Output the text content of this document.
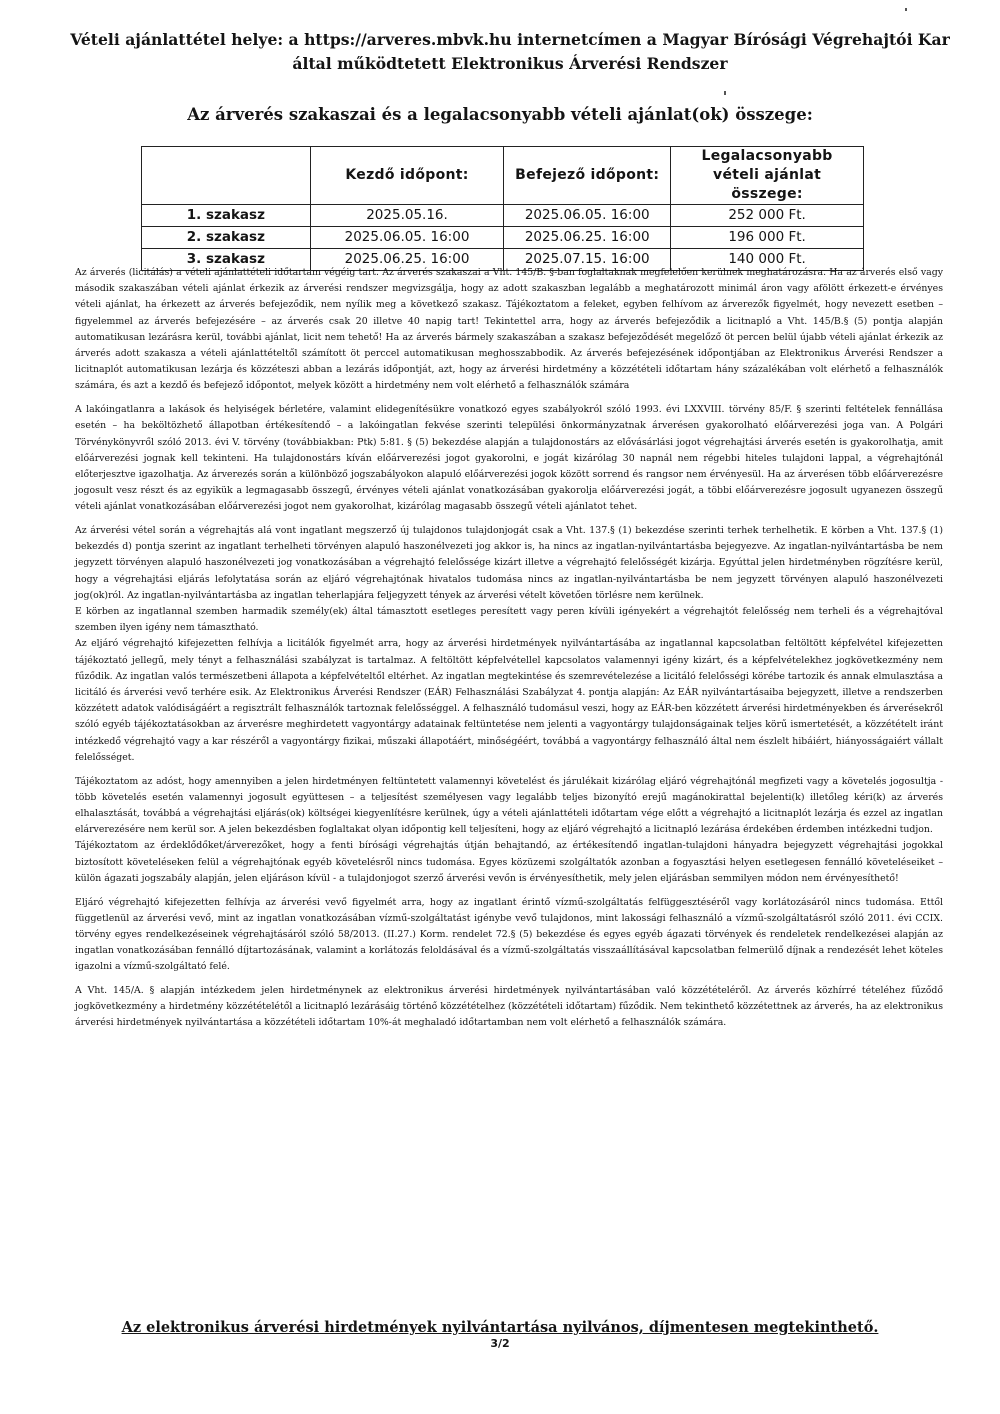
Vételi ajánlattétel helye: a https://arveres.mbvk.hu internetcímen a Magyar Bírósági Végrehajtói Kar által működtetett Elektronikus Árverési Rendszer
Az árverés szakaszai és a legalacsonyabb vételi ajánlat(ok) összege:
	Kezdő időpont:	Befejező időpont:	Legalacsonyabb vételi ajánlat összege:
1. szakasz	2025.05.16.	2025.06.05. 16:00	252 000 Ft.
2. szakasz	2025.06.05. 16:00	2025.06.25. 16:00	196 000 Ft.
3. szakasz	2025.06.25. 16:00	2025.07.15. 16:00	140 000 Ft.

Az árverés (licitálás) a vételi ajánlattételi időtartam végéig tart. Az árverés szakaszai a Vht. 145/B. §-ban foglaltaknak megfelelően kerülnek meghatározásra. Ha az árverés első vagy második szakaszában vételi ajánlat érkezik az árverési rendszer megvizsgálja, hogy az adott szakaszban legalább a meghatározott minimál áron vagy afölött érkezett-e érvényes vételi ajánlat, ha érkezett az árverés befejeződik, nem nyílik meg a következő szakasz. Tájékoztatom a feleket, egyben felhívom az árverezők figyelmét, hogy nevezett esetben – figyelemmel az árverés befejezésére – az árverés csak 20 illetve 40 napig tart! Tekintettel arra, hogy az árverés befejeződik a licitnapló a Vht. 145/B.§ (5) pontja alapján automatikusan lezárásra kerül, további ajánlat, licit nem tehető! Ha az árverés bármely szakaszában a szakasz befejeződését megelőző öt percen belül újabb vételi ajánlat érkezik az árverés adott szakasza a vételi ajánlattételtől számított öt perccel automatikusan meghosszabbodik. Az árverés befejezésének időpontjában az Elektronikus Árverési Rendszer a licitnaplót automatikusan lezárja és közzéteszi abban a lezárás időpontját, azt, hogy az árverési hirdetmény a közzétételi időtartam hány százalékában volt elérhető a felhasználók számára, és azt a kezdő és befejező időpontot, melyek között a hirdetmény nem volt elérhető a felhasználók számára

A lakóingatlanra a lakások és helyiségek bérletére, valamint elidegenítésükre vonatkozó egyes szabályokról szóló 1993. évi LXXVIII. törvény 85/F. § szerinti feltételek fennállása esetén – ha beköltözhető állapotban értékesítendő – a lakóingatlan fekvése szerinti települési önkormányzatnak árverésen gyakorolható előárverezési joga van. A Polgári Törvénykönyvről szóló 2013. évi V. törvény (továbbiakban: Ptk) 5:81. § (5) bekezdése alapján a tulajdonostárs az elővásárlási jogot végrehajtási árverés esetén is gyakorolhatja, amit előárverezési jognak kell tekinteni. Ha tulajdonostárs kíván előárverezési jogot gyakorolni, e jogát kizárólag 30 napnál nem régebbi hiteles tulajdoni lappal, a végrehajtónál előterjesztve igazolhatja. Az árverezés során a különböző jogszabályokon alapuló előárverezési jogok között sorrend és rangsor nem érvényesül. Ha az árverésen több előárverezésre jogosult vesz részt és az egyikük a legmagasabb összegű, érvényes vételi ajánlat vonatkozásában gyakorolja előárverezési jogát, a többi előárverezésre jogosult ugyanezen összegű vételi ajánlat vonatkozásában előárverezési jogot nem gyakorolhat, kizárólag magasabb összegű vételi ajánlatot tehet.

Az árverési vétel során a végrehajtás alá vont ingatlant megszerző új tulajdonos tulajdonjogát csak a Vht. 137.§ (1) bekezdése szerinti terhek terhelhetik. E körben a Vht. 137.§ (1) bekezdés d) pontja szerint az ingatlant terhelheti törvényen alapuló haszonélvezeti jog akkor is, ha nincs az ingatlan-nyilvántartásba bejegyezve. Az ingatlan-nyilvántartásba be nem jegyzett törvényen alapuló haszonélvezeti jog vonatkozásában a végrehajtó felelőssége kizárt illetve a végrehajtó felelősségét kizárja. Egyúttal jelen hirdetményben rögzítésre kerül, hogy a végrehajtási eljárás lefolytatása során az eljáró végrehajtónak hivatalos tudomása nincs az ingatlan-nyilvántartásba be nem jegyzett törvényen alapuló haszonélvezeti jog(ok)ról. Az ingatlan-nyilvántartásba az ingatlan teherlapjára feljegyzett tények az árverési vételt követően törlésre nem kerülnek.

E körben az ingatlannal szemben harmadik személy(ek) által támasztott esetleges peresített vagy peren kívüli igényekért a végrehajtót felelősség nem terheli és a végrehajtóval szemben ilyen igény nem támasztható.

Az eljáró végrehajtó kifejezetten felhívja a licitálók figyelmét arra, hogy az árverési hirdetmények nyilvántartásába az ingatlannal kapcsolatban feltöltött képfelvétel kifejezetten tájékoztató jellegű, mely tényt a felhasználási szabályzat is tartalmaz. A feltöltött képfelvétellel kapcsolatos valamennyi igény kizárt, és a képfelvételekhez jogkövetkezmény nem fűződik. Az ingatlan valós természetbeni állapota a képfelvételtől eltérhet. Az ingatlan megtekintése és szemrevételezése a licitáló felelősségi körébe tartozik és annak elmulasztása a licitáló és árverési vevő terhére esik. Az Elektronikus Árverési Rendszer (EÁR) Felhasználási Szabályzat 4. pontja alapján: Az EÁR nyilvántartásaiba bejegyzett, illetve a rendszerben közzétett adatok valódiságáért a regisztrált felhasználók tartoznak felelősséggel. A felhasználó tudomásul veszi, hogy az EÁR-ben közzétett árverési hirdetményekben és árverésekről szóló egyéb tájékoztatásokban az árverésre meghirdetett vagyontárgy adatainak feltüntetése nem jelenti a vagyontárgy tulajdonságainak teljes körű ismertetését, a közzétételt iránt intézkedő végrehajtó vagy a kar részéről a vagyontárgy fizikai, műszaki állapotáért, minőségéért, továbbá a vagyontárgy felhasználó által nem észlelt hibáiért, hiányosságaiért vállalt felelősséget.

Tájékoztatom az adóst, hogy amennyiben a jelen hirdetményen feltüntetett valamennyi követelést és járulékait kizárólag eljáró végrehajtónál megfizeti vagy a követelés jogosultja - több követelés esetén valamennyi jogosult együttesen – a teljesítést személyesen vagy legalább teljes bizonyító erejű magánokirattal bejelenti(k) illetőleg kéri(k) az árverés elhalasztását, továbbá a végrehajtási eljárás(ok) költségei kiegyenlítésre kerülnek, úgy a vételi ajánlattételi időtartam vége előtt a végrehajtó a licitnaplót lezárja és ezzel az ingatlan elárverezésére nem kerül sor. A jelen bekezdésben foglaltakat olyan időpontig kell teljesíteni, hogy az eljáró végrehajtó a licitnapló lezárása érdekében érdemben intézkedni tudjon.

Tájékoztatom az érdeklődőket/árverezőket, hogy a fenti bírósági végrehajtás útján behajtandó, az értékesítendő ingatlan-tulajdoni hányadra bejegyzett végrehajtási jogokkal biztosított követeléseken felül a végrehajtónak egyéb követelésről nincs tudomása. Egyes közüzemi szolgáltatók azonban a fogyasztási helyen esetlegesen fennálló követeléseiket – külön ágazati jogszabály alapján, jelen eljáráson kívül - a tulajdonjogot szerző árverési vevőn is érvényesíthetik, mely jelen eljárásban semmilyen módon nem érvényesíthető!

Eljáró végrehajtó kifejezetten felhívja az árverési vevő figyelmét arra, hogy az ingatlant érintő vízmű-szolgáltatás felfüggesztéséről vagy korlátozásáról nincs tudomása. Ettől függetlenül az árverési vevő, mint az ingatlan vonatkozásában vízmű-szolgáltatást igénybe vevő tulajdonos, mint lakossági felhasználó a vízmű-szolgáltatásról szóló 2011. évi CCIX. törvény egyes rendelkezéseinek végrehajtásáról szóló 58/2013. (II.27.) Korm. rendelet 72.§ (5) bekezdése és egyes egyéb ágazati törvények és rendeletek rendelkezései alapján az ingatlan vonatkozásában fennálló díjtartozásának, valamint a korlátozás feloldásával és a vízmű-szolgáltatás visszaállításával kapcsolatban felmerülő díjnak a rendezését lehet köteles igazolni a vízmű-szolgáltató felé.

A Vht. 145/A. § alapján intézkedem jelen hirdetménynek az elektronikus árverési hirdetmények nyilvántartásában való közzétételéről. Az árverés közhírré tételéhez fűződő jogkövetkezmény a hirdetmény közzétételétől a licitnapló lezárásáig történő közzétételhez (közzétételi időtartam) fűződik. Nem tekinthető közzétettnek az árverés, ha az elektronikus árverési hirdetmények nyilvántartása a közzétételi időtartam 10%-át meghaladó időtartamban nem volt elérhető a felhasználók számára.

Az elektronikus árverési hirdetmények nyilvántartása nyilvános, díjmentesen megtekinthető.
3/2
